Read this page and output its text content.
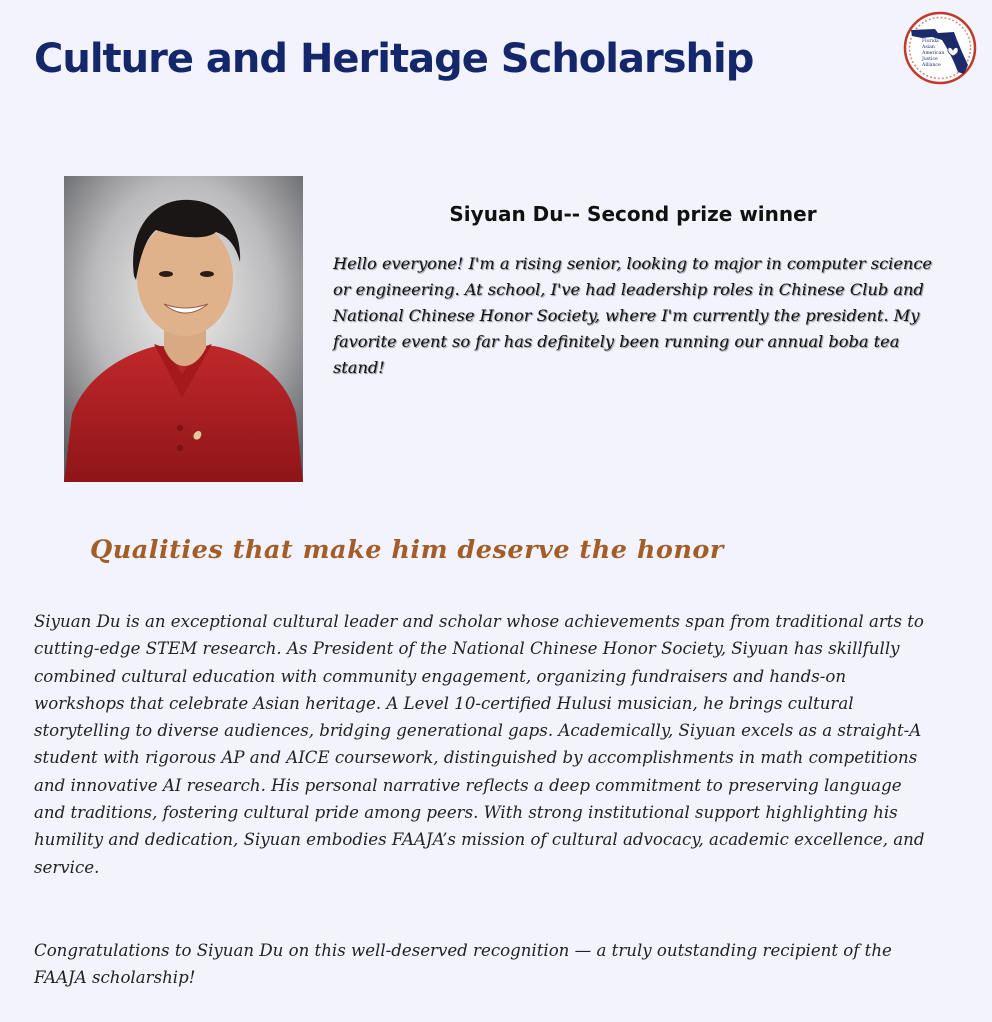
Culture and Heritage Scholarship	Florida
Asian
American
Justice
Alliance

Siyuan Du-- Second prize winner

Hello everyone! I'm a rising senior, looking to major in computer science or engineering. At school, I've had leadership roles in Chinese Club and National Chinese Honor Society, where I'm currently the president. My favorite event so far has definitely been running our annual boba tea stand!

Qualities that make him deserve the honor

Siyuan Du is an exceptional cultural leader and scholar whose achievements span from traditional arts to cutting-edge STEM research. As President of the National Chinese Honor Society, Siyuan has skillfully combined cultural education with community engagement, organizing fundraisers and hands-on workshops that celebrate Asian heritage. A Level 10-certified Hulusi musician, he brings cultural storytelling to diverse audiences, bridging generational gaps. Academically, Siyuan excels as a straight-A student with rigorous AP and AICE coursework, distinguished by accomplishments in math competitions and innovative AI research. His personal narrative reflects a deep commitment to preserving language and traditions, fostering cultural pride among peers. With strong institutional support highlighting his humility and dedication, Siyuan embodies FAAJA’s mission of cultural advocacy, academic excellence, and service.

Congratulations to Siyuan Du on this well-deserved recognition — a truly outstanding recipient of the FAAJA scholarship!
